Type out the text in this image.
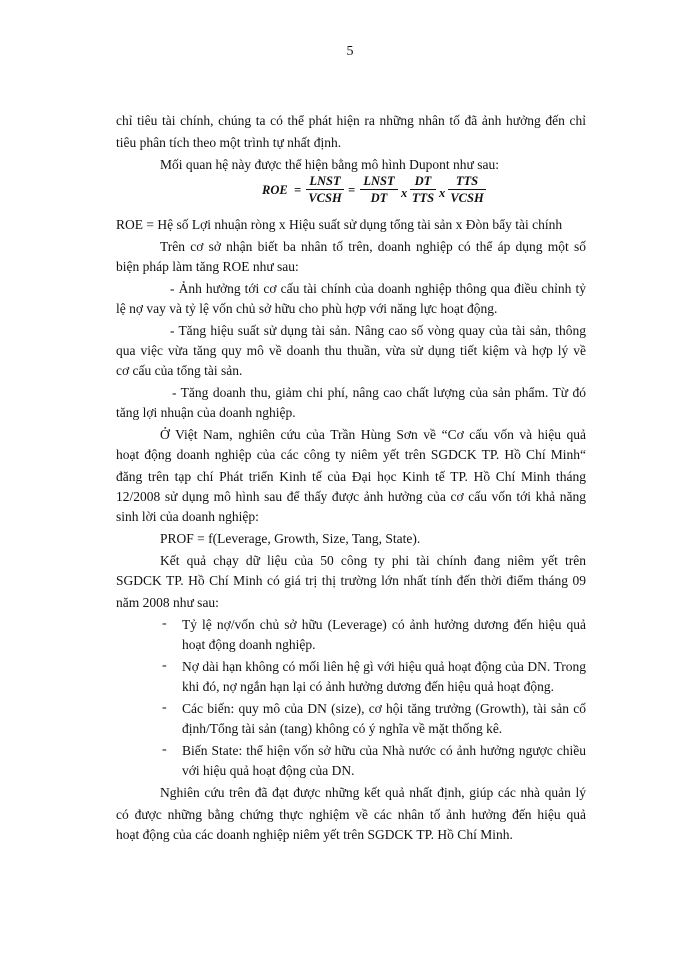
5
chỉ tiêu tài chính, chúng ta có thể phát hiện ra những nhân tố đã ảnh hưởng đến chỉ
tiêu phân tích theo một trình tự nhất định.
Mối quan hệ này được thể hiện bằng mô hình Dupont như sau:
ROE =
LNST
VCSH
=
LNST
DT	x
DT
TTS x
TTS
VCSH
ROE = Hệ số Lợi nhuận ròng x Hiệu suất sử dụng tổng tài sản x Đòn bẩy tài chính
Trên cơ sở nhận biết ba nhân tố trên, doanh nghiệp có thể áp dụng một số
biện pháp làm tăng ROE như sau:
- Ảnh hưởng tới cơ cấu tài chính của doanh nghiệp thông qua điều chỉnh tỷ
lệ nợ vay và tỷ lệ vốn chủ sở hữu cho phù hợp với năng lực hoạt động.
- Tăng hiệu suất sử dụng tài sản. Nâng cao số vòng quay của tài sản, thông
qua việc vừa tăng quy mô về doanh thu thuần, vừa sử dụng tiết kiệm và hợp lý về
cơ cấu của tổng tài sản.
- Tăng doanh thu, giảm chi phí, nâng cao chất lượng của sản phẩm. Từ đó
tăng lợi nhuận của doanh nghiệp.
Ở Việt Nam, nghiên cứu của Trần Hùng Sơn về “Cơ cấu vốn và hiệu quả
hoạt động doanh nghiệp của các công ty niêm yết trên SGDCK TP. Hồ Chí Minh“
đăng trên tạp chí Phát triển Kinh tế của Đại học Kinh tế TP. Hồ Chí Minh tháng
12/2008 sử dụng mô hình sau để thấy được ảnh hưởng của cơ cấu vốn tới khả năng
sinh lời của doanh nghiệp:
PROF = f(Leverage, Growth, Size, Tang, State).
Kết quả chạy dữ liệu của 50 công ty phi tài chính đang niêm yết trên
SGDCK TP. Hồ Chí Minh có giá trị thị trường lớn nhất tính đến thời điểm tháng 09
năm 2008 như sau:
- Tỷ lệ nợ/vốn chủ sở hữu (Leverage) có ảnh hưởng dương đến hiệu quả
hoạt động doanh nghiệp.
- Nợ dài hạn không có mối liên hệ gì với hiệu quả hoạt động của DN. Trong
khi đó, nợ ngắn hạn lại có ảnh hưởng dương đến hiệu quả hoạt động.
- Các biến: quy mô của DN (size), cơ hội tăng trưởng (Growth), tài sản cố
định/Tổng tài sản (tang) không có ý nghĩa về mặt thống kê.
- Biến State: thể hiện vốn sở hữu của Nhà nước có ảnh hưởng ngược chiều
với hiệu quả hoạt động của DN.
Nghiên cứu trên đã đạt được những kết quả nhất định, giúp các nhà quản lý
có được những bằng chứng thực nghiệm về các nhân tố ảnh hưởng đến hiệu quả
hoạt động của các doanh nghiệp niêm yết trên SGDCK TP. Hồ Chí Minh.
